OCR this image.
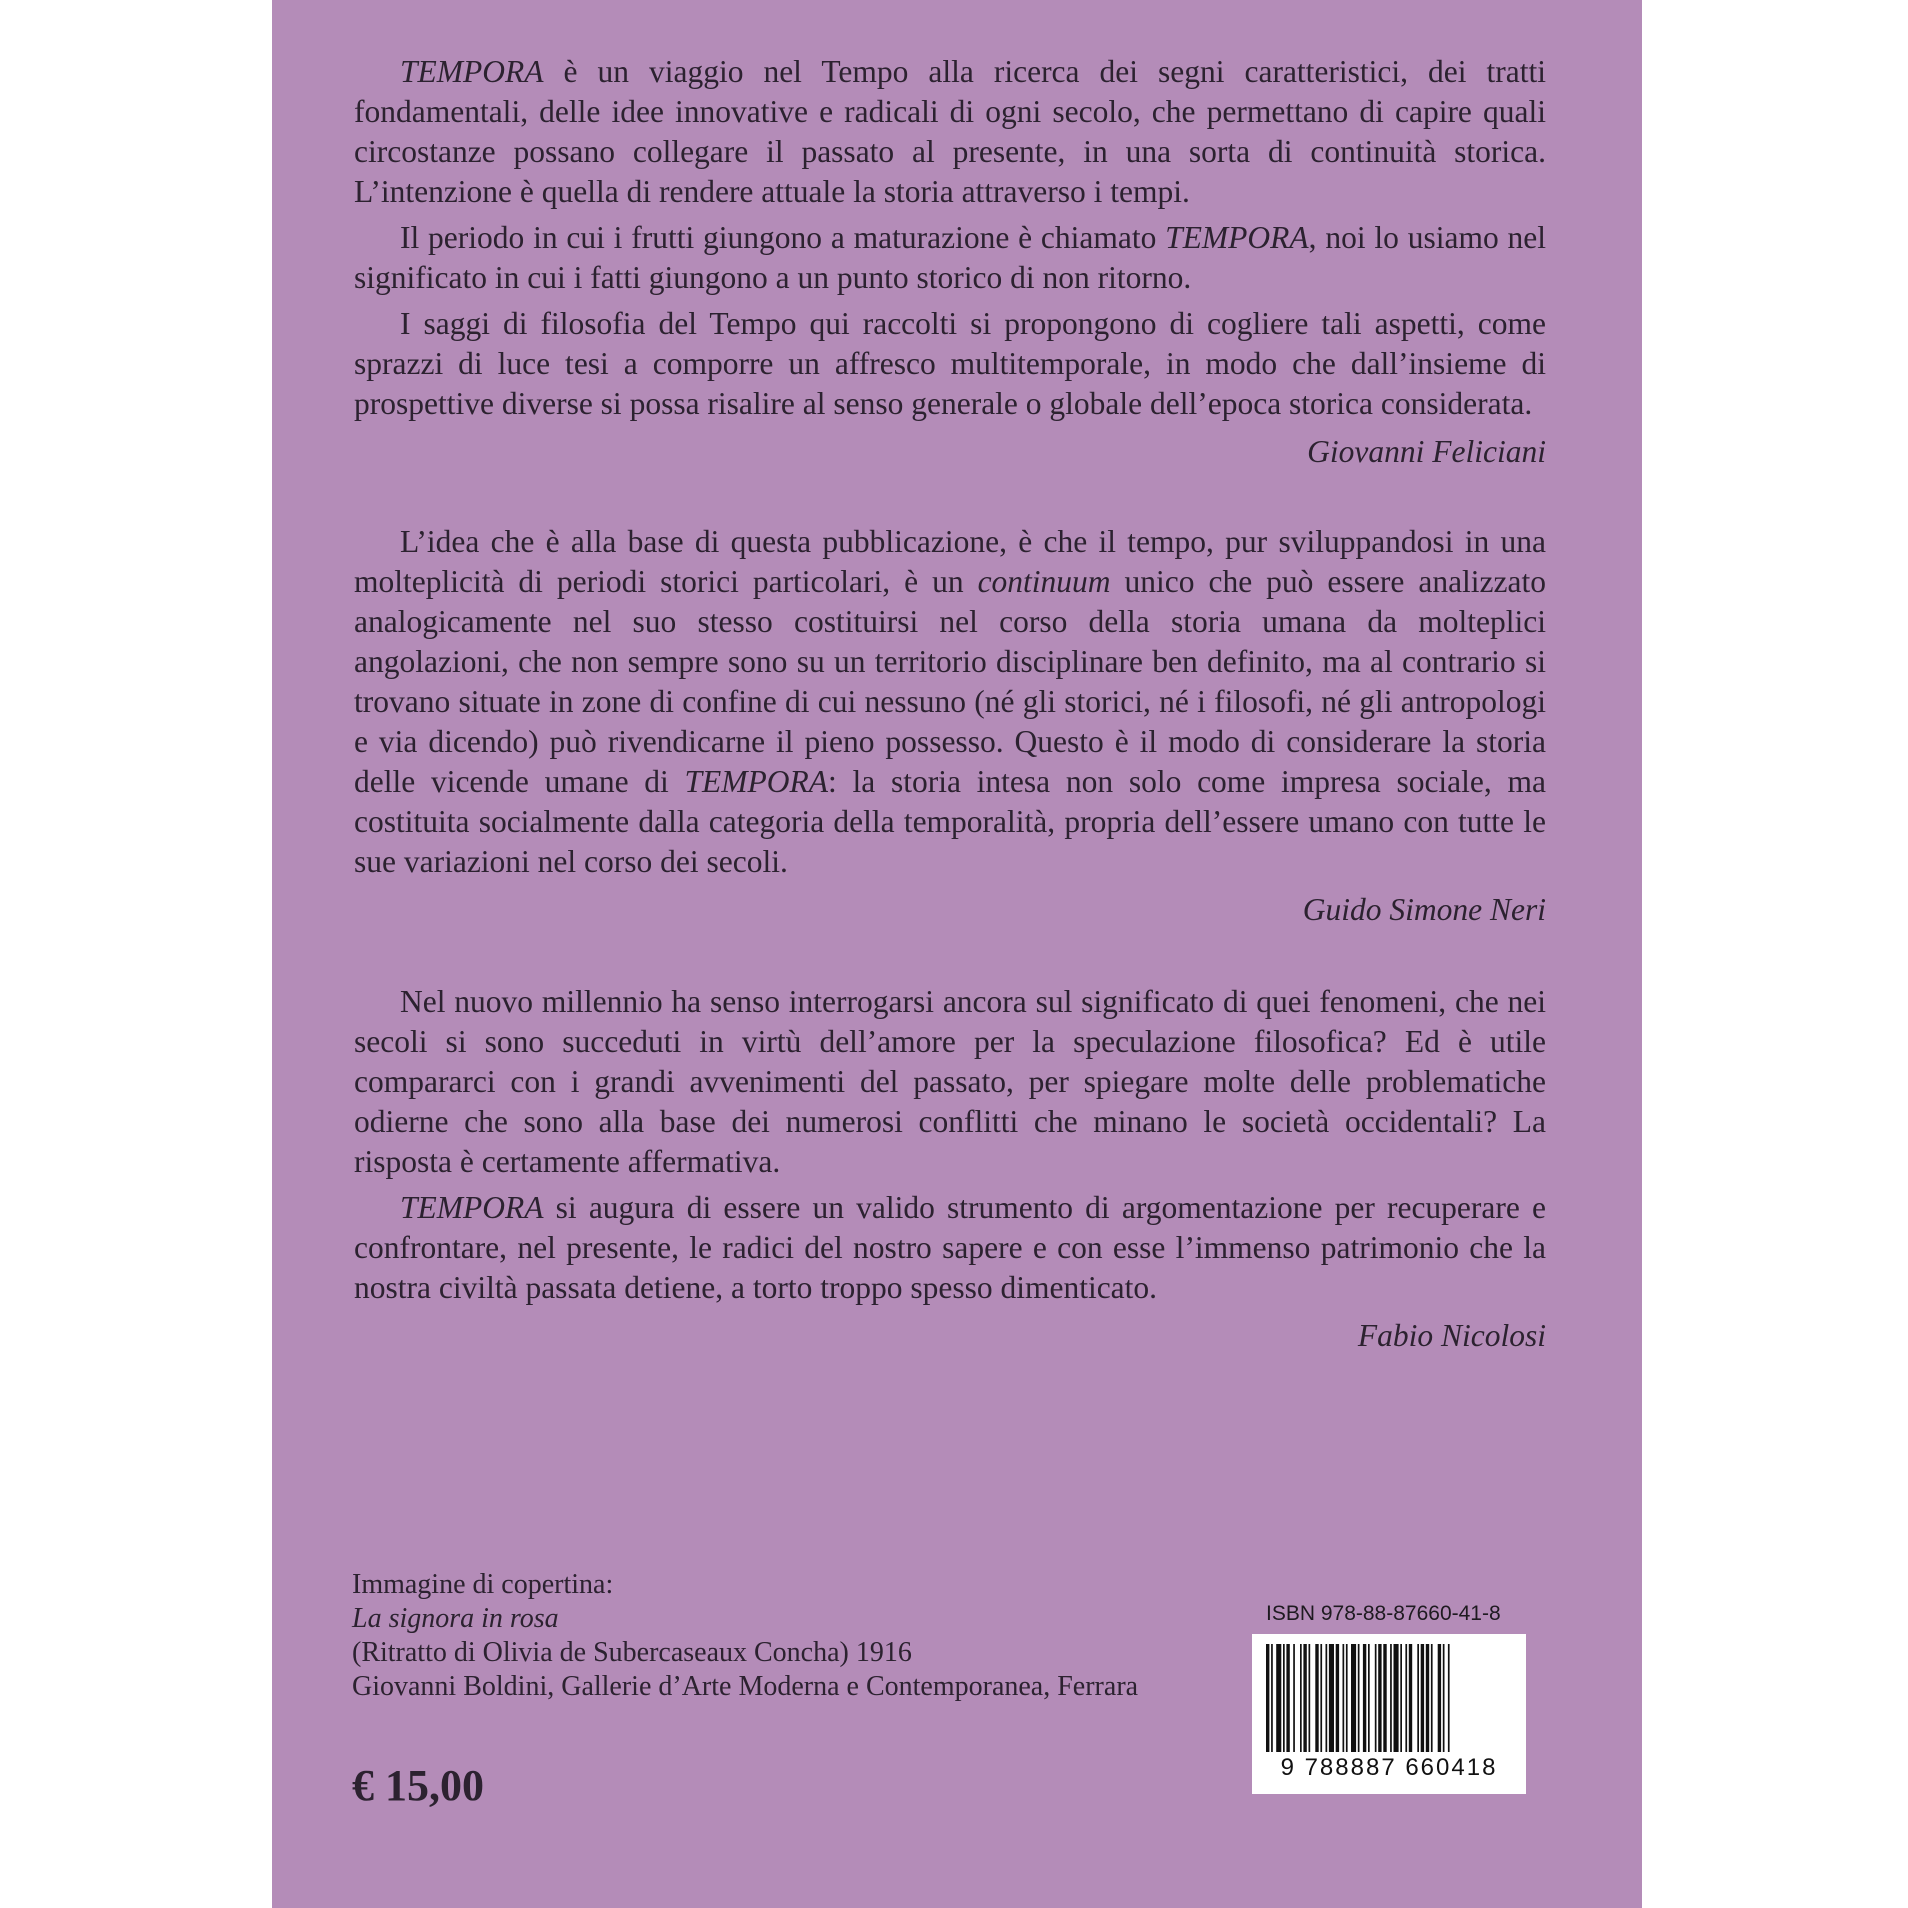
TEMPORA è un viaggio nel Tempo alla ricerca dei segni caratteristici, dei tratti fondamentali, delle idee innovative e radicali di ogni secolo, che permettano di capire quali circostanze possano collegare il passato al presente, in una sorta di continuità storica. L’intenzione è quella di rendere attuale la storia attraverso i tempi.

Il periodo in cui i frutti giungono a maturazione è chiamato TEMPORA, noi lo usiamo nel significato in cui i fatti giungono a un punto storico di non ritorno.

I saggi di filosofia del Tempo qui raccolti si propongono di cogliere tali aspetti, come sprazzi di luce tesi a comporre un affresco multitemporale, in modo che dall’insieme di prospettive diverse si possa risalire al senso generale o globale dell’epoca storica considerata.

Giovanni Feliciani

L’idea che è alla base di questa pubblicazione, è che il tempo, pur sviluppandosi in una molteplicità di periodi storici particolari, è un continuum unico che può essere analizzato analogicamente nel suo stesso costituirsi nel corso della storia umana da molteplici angolazioni, che non sempre sono su un territorio disciplinare ben definito, ma al contrario si trovano situate in zone di confine di cui nessuno (né gli storici, né i filosofi, né gli antropologi e via dicendo) può rivendicarne il pieno possesso. Questo è il modo di considerare la storia delle vicende umane di TEMPORA: la storia intesa non solo come impresa sociale, ma costituita socialmente dalla categoria della temporalità, propria dell’essere umano con tutte le sue variazioni nel corso dei secoli.

Guido Simone Neri

Nel nuovo millennio ha senso interrogarsi ancora sul significato di quei fenomeni, che nei secoli si sono succeduti in virtù dell’amore per la speculazione filosofica? Ed è utile compararci con i grandi avvenimenti del passato, per spiegare molte delle problematiche odierne che sono alla base dei numerosi conflitti che minano le società occidentali? La risposta è certamente affermativa.

TEMPORA si augura di essere un valido strumento di argomentazione per recuperare e confrontare, nel presente, le radici del nostro sapere e con esse l’immenso patrimonio che la nostra civiltà passata detiene, a torto troppo spesso dimenticato.

Fabio Nicolosi
Immagine di copertina:
La signora in rosa
(Ritratto di Olivia de Subercaseaux Concha) 1916
Giovanni Boldini, Gallerie d’Arte Moderna e Contemporanea, Ferrara
€ 15,00
ISBN 978-88-87660-41-8
9 788887 660418
